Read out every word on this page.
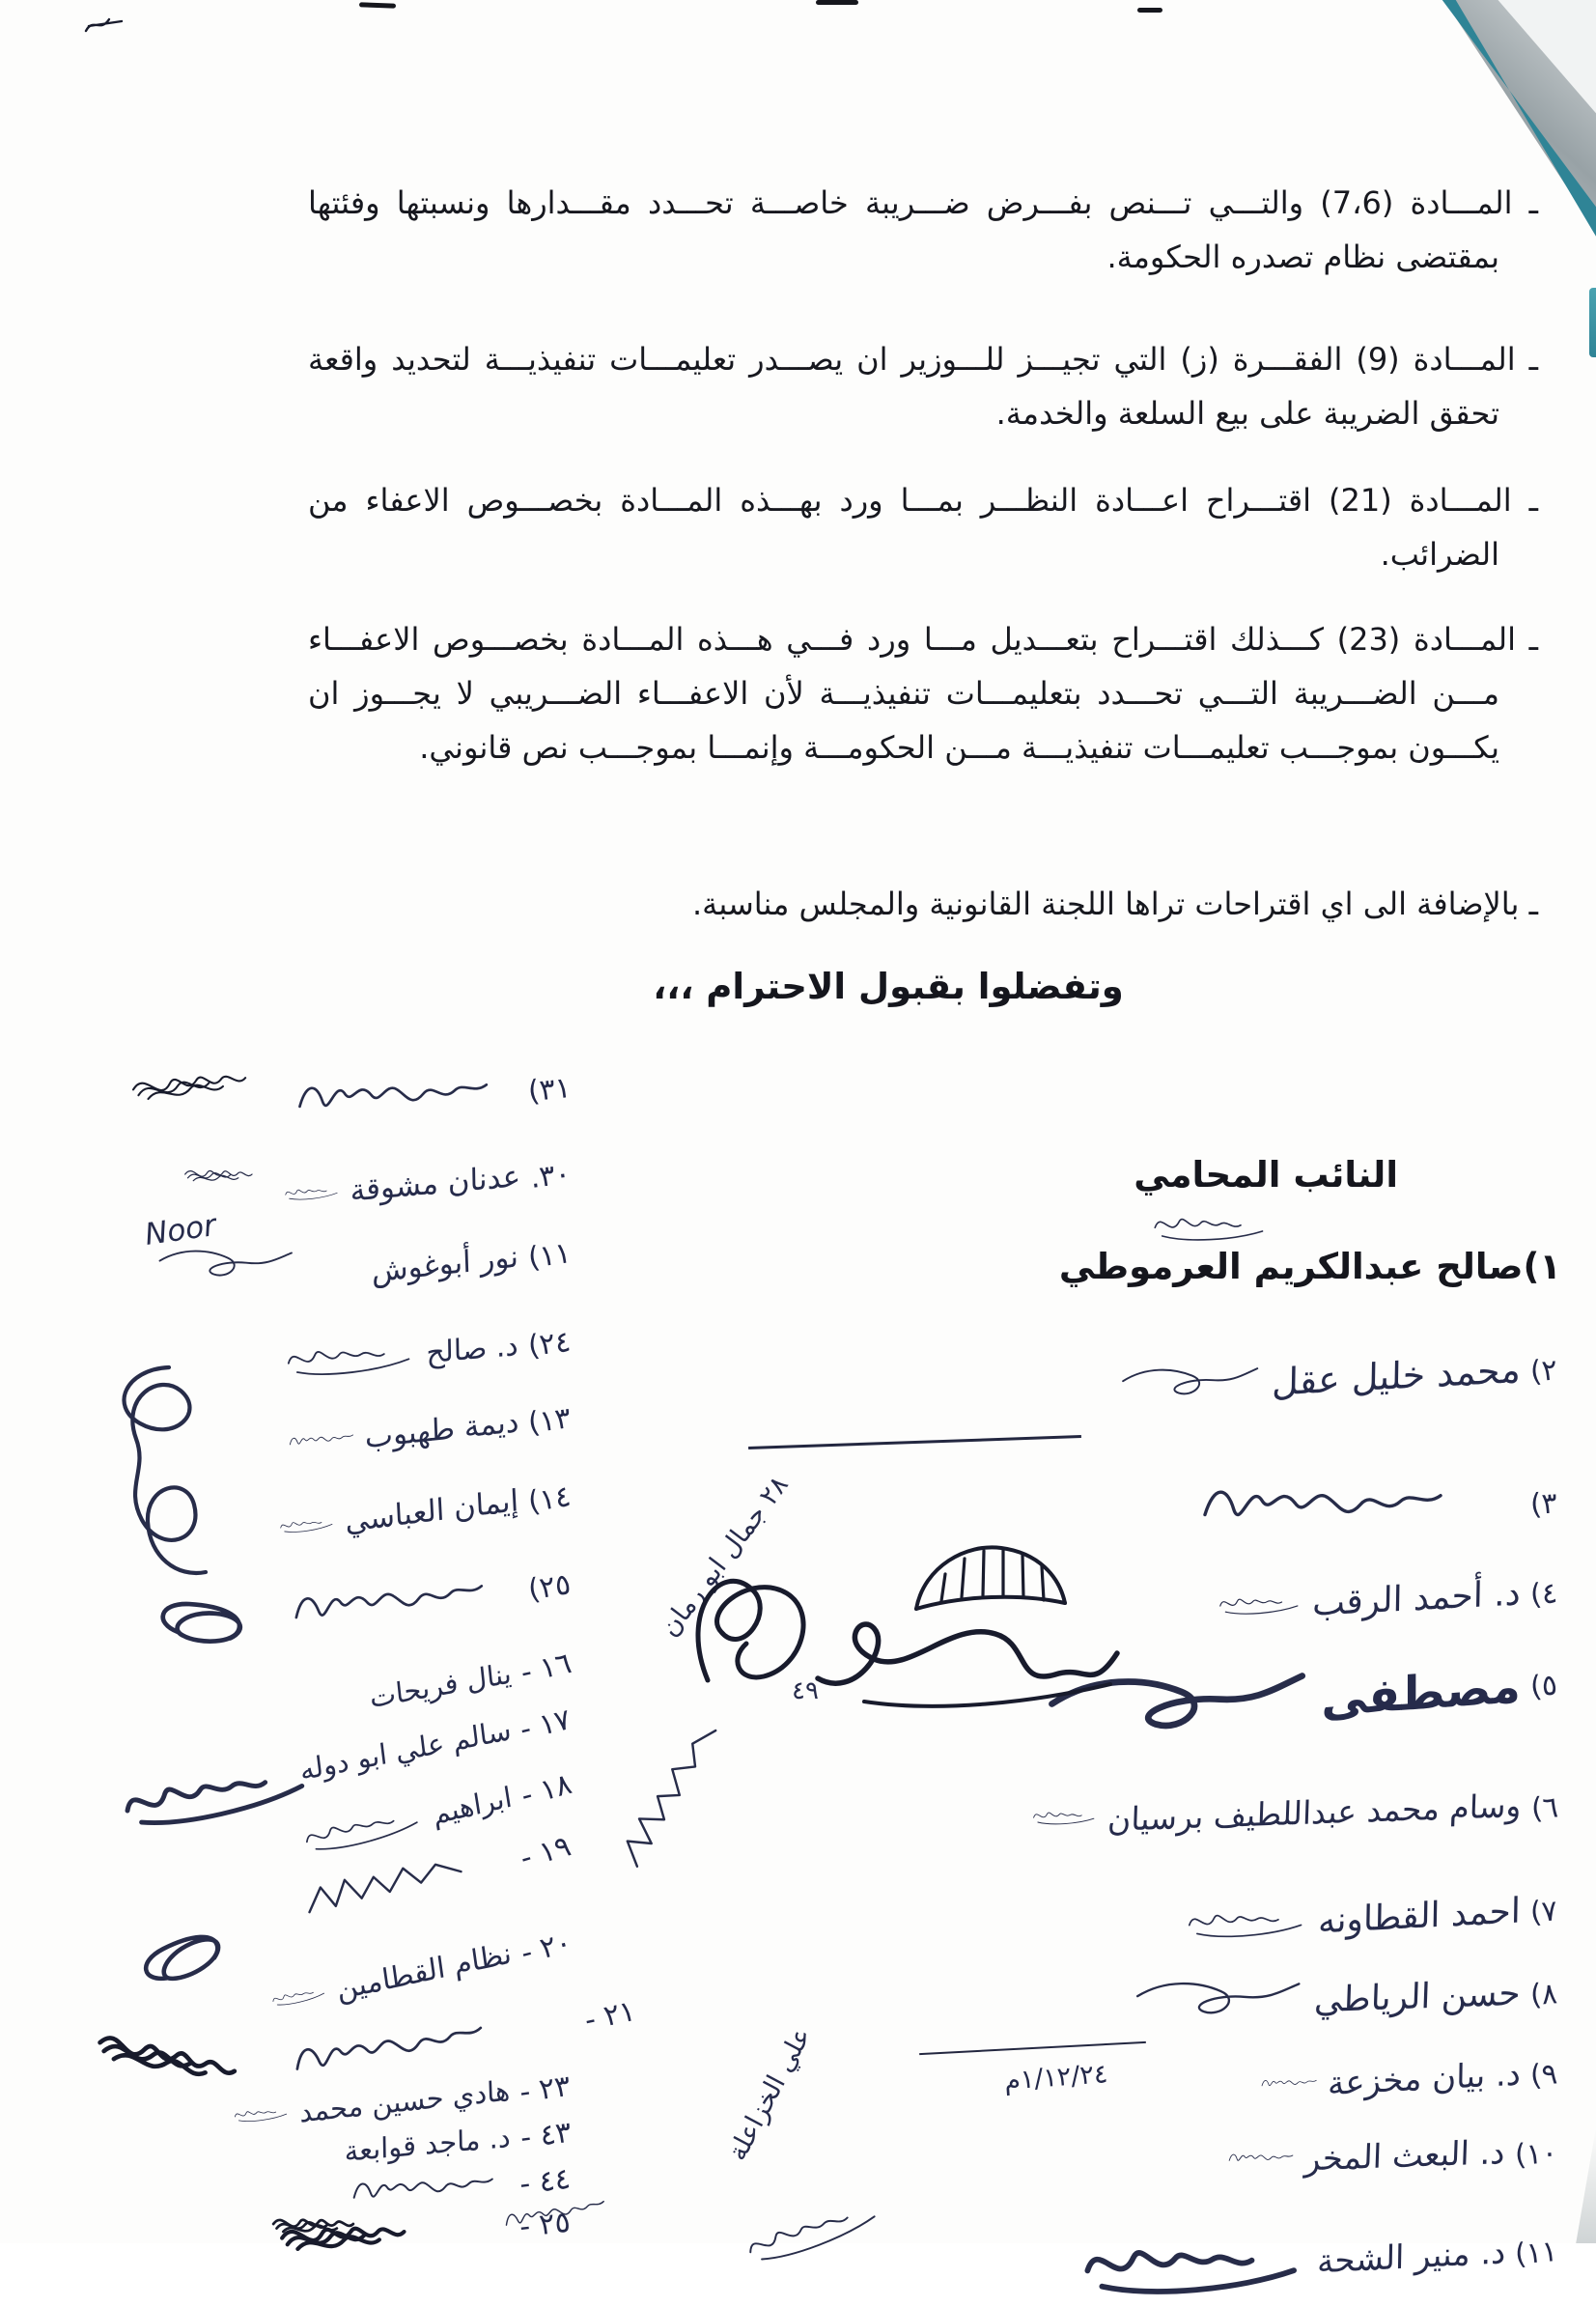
ـ المـــادة (7،6) والتـــي تـــنص بفـــرض ضـــريبة خاصـــة تحـــدد مقـــدارها ونسبتها وفئتها بمقتضى نظام تصدره الحكومة.

ـ المـــادة (9) الفقـــرة (ز) التي تجيـــز للـــوزير ان يصـــدر تعليمـــات تنفيذيـــة لتحديد واقعة تحقق الضريبة على بيع السلعة والخدمة.

ـ المـــادة (21) اقتـــراح اعـــادة النظـــر بمـــا ورد بهـــذه المـــادة بخصـــوص الاعفاء من الضرائب.

ـ المـــادة (23) كـــذلك اقتـــراح بتعـــديل مـــا ورد فـــي هـــذه المـــادة بخصـــوص الاعفـــاء مـــن الضـــريبة التـــي تحـــدد بتعليمـــات تنفيذيـــة لأن الاعفـــاء الضـــريبي لا يجـــوز ان يكـــون بموجـــب تعليمـــات تنفيذيـــة مـــن الحكومـــة وإنمـــا بموجـــب نص قانوني.

ـ بالإضافة الى اي اقتراحات تراها اللجنة القانونية والمجلس مناسبة.

وتفضلوا بقبول الاحترام ،،،
النائب المحامي
١)صالح عبدالكريم العرموطي
٢)
محمد خليل عقل
٣)
٤)
د. أحمد الرقب
٥)
مصطفى
٦)
وسام محمد عبداللطيف برسيان
٧)
احمد القطاونه
٨)
حسن الرياطي
٩)
د. بيان مخزعة
١/١٢/٢٤م
١٠)
د. البعث المخر
١١)
د. منير الشحة
٣١)
٣٠.
عدنان مشوقة
١١)
نور أبوغوش
Noor
٢٤)
د. صالح
١٣)
ديمة طهبوب
١٤)
إيمان العباسي
٢٥)
١٦ -
ينال فريحات
١٧ -
سالم علي ابو دوله
١٨ -
ابراهيم
١٩ -
٢٠ -
نظام القطامين
٢١ -
٢٣ -
هادي حسين محمد
٤٣ -
د. ماجد قوابعة
٤٤ -
٢٥ -
٢٨ جمال ابو رمان
٤٩
علي الخزاعلة
